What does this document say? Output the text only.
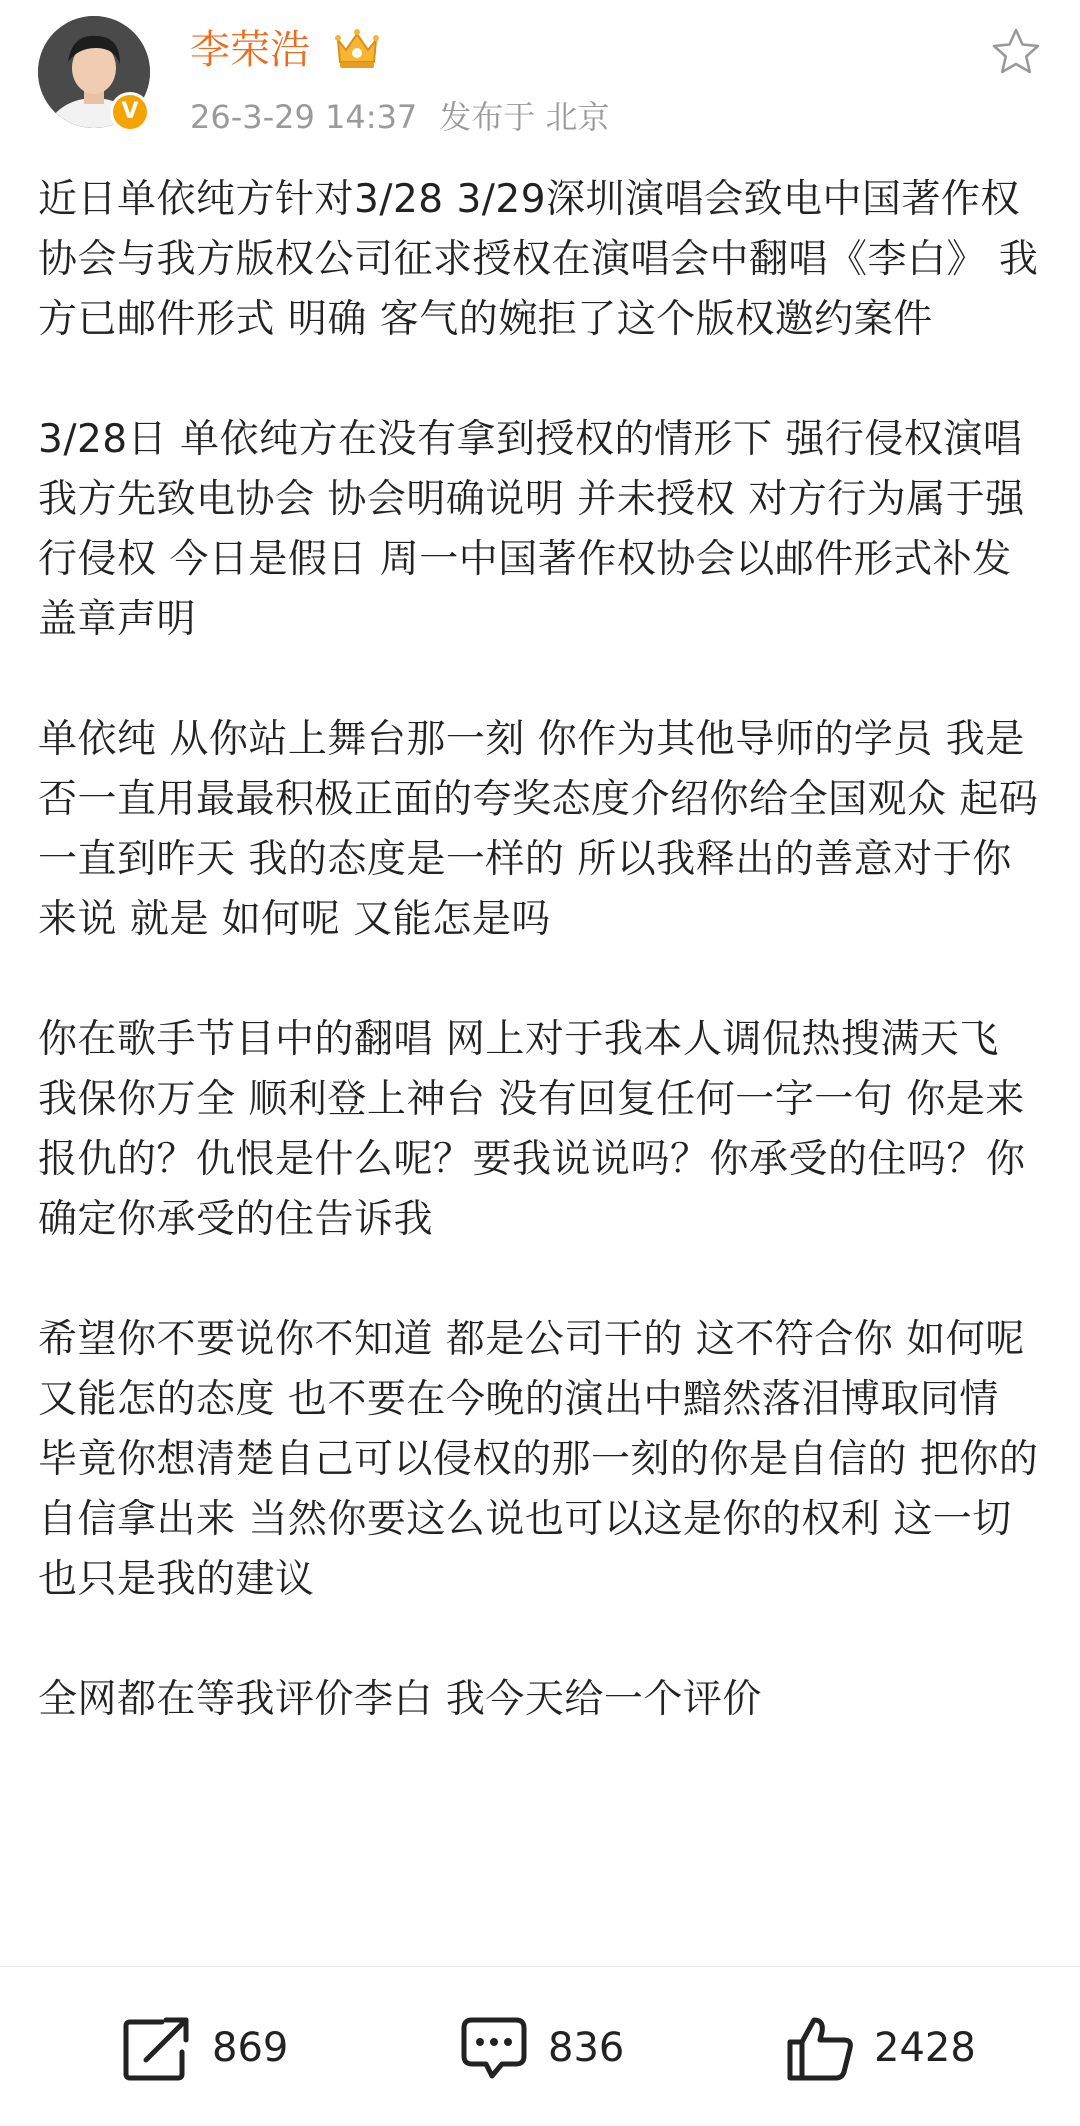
V
李荣浩
26-3-29 14:37 发布于 北京

近日单依纯方针对3/28 3/29深圳演唱会致电中国著作权协会与我方版权公司征求授权在演唱会中翻唱《李白》 我方已邮件形式 明确 客气的婉拒了这个版权邀约案件

3/28日 单依纯方在没有拿到授权的情形下 强行侵权演唱 我方先致电协会 协会明确说明 并未授权 对方行为属于强行侵权 今日是假日 周一中国著作权协会以邮件形式补发盖章声明

单依纯 从你站上舞台那一刻 你作为其他导师的学员 我是否一直用最最积极正面的夸奖态度介绍你给全国观众 起码一直到昨天 我的态度是一样的 所以我释出的善意对于你来说 就是 如何呢 又能怎是吗

你在歌手节目中的翻唱 网上对于我本人调侃热搜满天飞 我保你万全 顺利登上神台 没有回复任何一字一句 你是来报仇的？仇恨是什么呢？要我说说吗？你承受的住吗？你确定你承受的住告诉我

希望你不要说你不知道 都是公司干的 这不符合你 如何呢 又能怎的态度 也不要在今晚的演出中黯然落泪博取同情 毕竟你想清楚自己可以侵权的那一刻的你是自信的 把你的自信拿出来 当然你要这么说也可以这是你的权利 这一切也只是我的建议

全网都在等我评价李白 我今天给一个评价

869	836	2428
